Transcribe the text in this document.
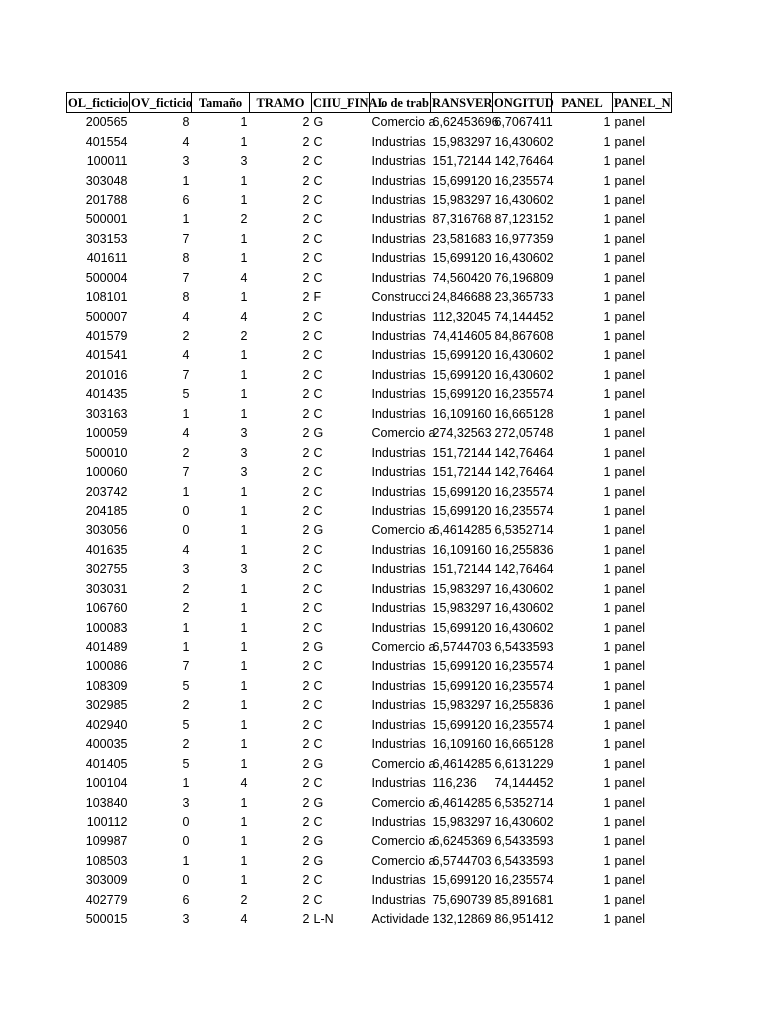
OL_ficticio	OV_ficticio	Tamaño	TRAMO	CIIU_FINAL	o de trab	RANSVER	ONGITUD	PANEL	PANEL_N
200565	8	1	2	G	Comercio a	6,62453696	6,7067411	1	panel
401554	4	1	2	C	Industrias	15,983297	16,430602	1	panel
100011	3	3	2	C	Industrias	151,72144	142,76464	1	panel
303048	1	1	2	C	Industrias	15,699120	16,235574	1	panel
201788	6	1	2	C	Industrias	15,983297	16,430602	1	panel
500001	1	2	2	C	Industrias	87,316768	87,123152	1	panel
303153	7	1	2	C	Industrias	23,581683	16,977359	1	panel
401611	8	1	2	C	Industrias	15,699120	16,430602	1	panel
500004	7	4	2	C	Industrias	74,560420	76,196809	1	panel
108101	8	1	2	F	Construcci	24,846688	23,365733	1	panel
500007	4	4	2	C	Industrias	112,32045	74,144452	1	panel
401579	2	2	2	C	Industrias	74,414605	84,867608	1	panel
401541	4	1	2	C	Industrias	15,699120	16,430602	1	panel
201016	7	1	2	C	Industrias	15,699120	16,430602	1	panel
401435	5	1	2	C	Industrias	15,699120	16,235574	1	panel
303163	1	1	2	C	Industrias	16,109160	16,665128	1	panel
100059	4	3	2	G	Comercio a	274,32563	272,05748	1	panel
500010	2	3	2	C	Industrias	151,72144	142,76464	1	panel
100060	7	3	2	C	Industrias	151,72144	142,76464	1	panel
203742	1	1	2	C	Industrias	15,699120	16,235574	1	panel
204185	0	1	2	C	Industrias	15,699120	16,235574	1	panel
303056	0	1	2	G	Comercio a	6,4614285	6,5352714	1	panel
401635	4	1	2	C	Industrias	16,109160	16,255836	1	panel
302755	3	3	2	C	Industrias	151,72144	142,76464	1	panel
303031	2	1	2	C	Industrias	15,983297	16,430602	1	panel
106760	2	1	2	C	Industrias	15,983297	16,430602	1	panel
100083	1	1	2	C	Industrias	15,699120	16,430602	1	panel
401489	1	1	2	G	Comercio a	6,5744703	6,5433593	1	panel
100086	7	1	2	C	Industrias	15,699120	16,235574	1	panel
108309	5	1	2	C	Industrias	15,699120	16,235574	1	panel
302985	2	1	2	C	Industrias	15,983297	16,255836	1	panel
402940	5	1	2	C	Industrias	15,699120	16,235574	1	panel
400035	2	1	2	C	Industrias	16,109160	16,665128	1	panel
401405	5	1	2	G	Comercio a	6,4614285	6,6131229	1	panel
100104	1	4	2	C	Industrias	116,236	74,144452	1	panel
103840	3	1	2	G	Comercio a	6,4614285	6,5352714	1	panel
100112	0	1	2	C	Industrias	15,983297	16,430602	1	panel
109987	0	1	2	G	Comercio a	6,6245369	6,5433593	1	panel
108503	1	1	2	G	Comercio a	6,5744703	6,5433593	1	panel
303009	0	1	2	C	Industrias	15,699120	16,235574	1	panel
402779	6	2	2	C	Industrias	75,690739	85,891681	1	panel
500015	3	4	2	L-N	Actividade	132,12869	86,951412	1	panel
